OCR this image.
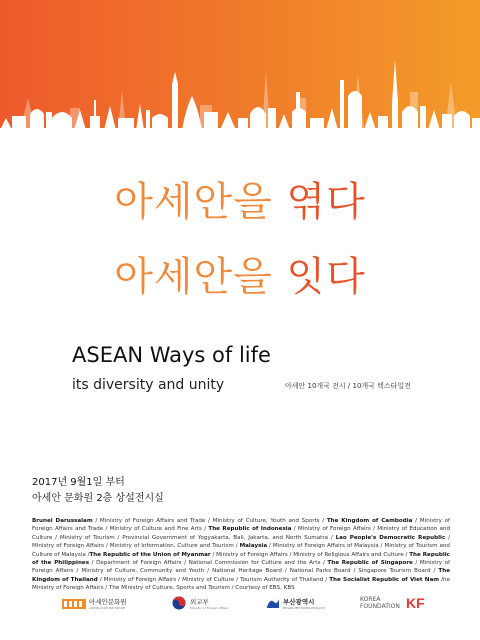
아세안을 엮다
아세안을 잇다
ASEAN Ways of life
its diversity and unity	아세안 10개국 전시 / 10개국 텍스타일전
2017년 9월1일 부터
아세안 문화원 2층 상설전시실
Brunei Darussalam / Ministry of Foreign Affairs and Trade / Ministry of Culture, Youth and Sports / The Kingdom of Cambodia / Ministry of Foreign Affairs and Trade / Ministry of Culture and Fine Arts / The Republic of Indonesia / Ministry of Foreign Affairs / Ministry of Education and Culture / Ministry of Tourism / Provincial Government of Yogyakarta, Bali, Jakarta, and North Sumatra / Lao People's Democratic Republic / Ministry of Foreign Affairs / Ministry of Information, Culture and Tourism / Malaysia / Ministry of Foreign Affairs of Malaysia / Ministry of Tourism and Culture of Malaysia /The Republic of the Union of Myanmar / Ministry of Foreign Affairs / Ministry of Religious Affairs and Culture / The Republic of the Philippines / Department of Foreign Affairs / National Commission for Culture and the Arts / The Republic of Singapore / Ministry of Foreign Affairs / Ministry of Culture, Community and Youth / National Heritage Board / National Parks Board / Singapore Tourism Board / The Kingdom of Thailand / Ministry of Foreign Affairs / Ministry of Culture / Tourism Authority of Thailand / The Socialist Republic of Viet Nam /he Ministry of Foreign Affairs / The Ministry of Culture, Sports and Tourism / Courtesy of EBS, KBS
아세안문화원
ASEAN CULTURE HOUSE
외교부
Ministry of Foreign Affairs
부산광역시
BUSAN METROPOLITAN CITY
KOREA FOUNDATION KF
